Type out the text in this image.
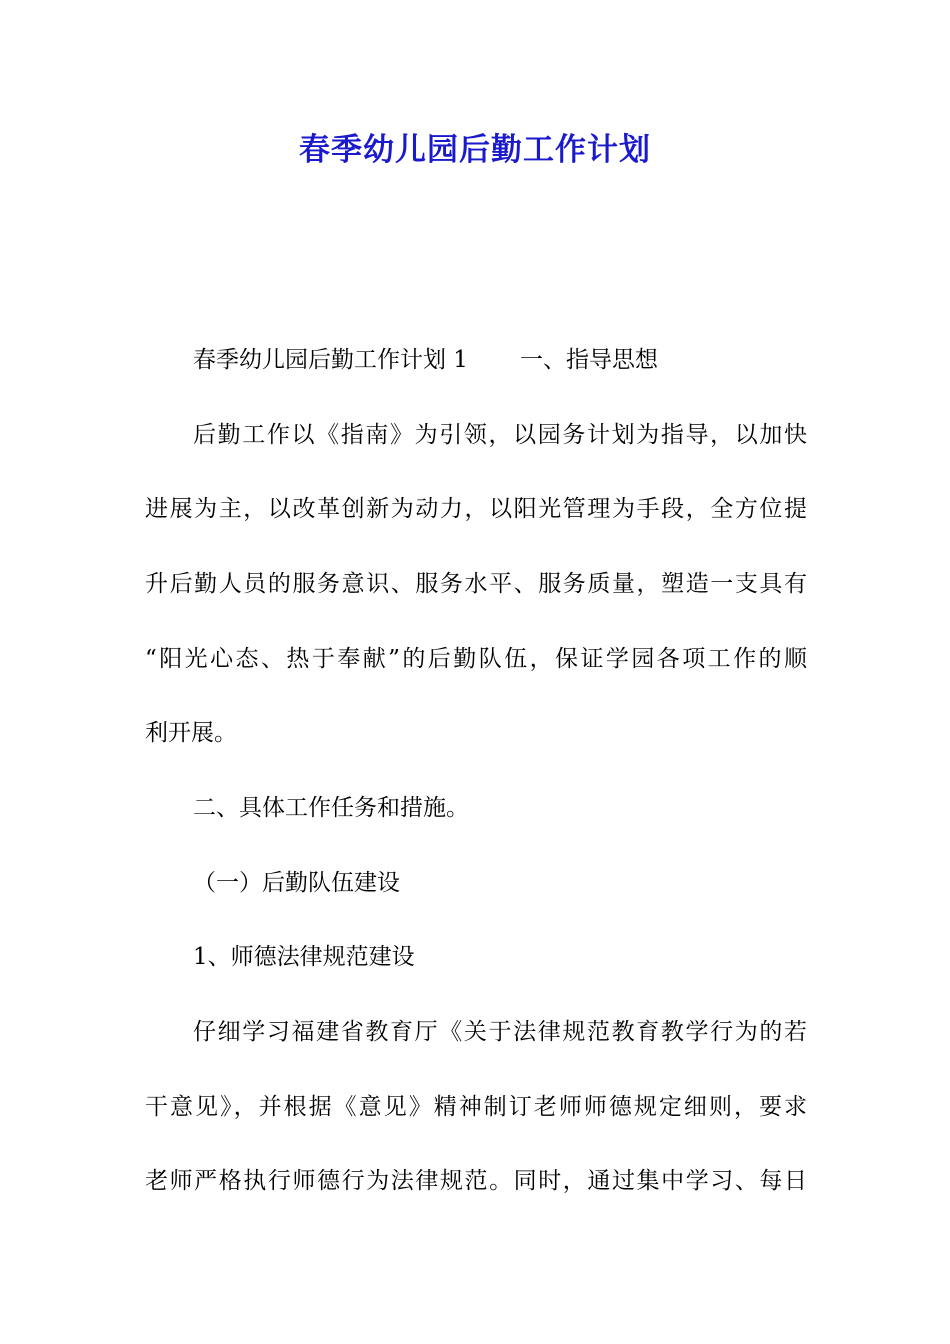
春季幼儿园后勤工作计划
春季幼儿园后勤工作计划 1 一、指导思想
后勤工作以《指南》为引领，以园务计划为指导，以加快
进展为主，以改革创新为动力，以阳光管理为手段，全方位提
升后勤人员的服务意识、服务水平、服务质量，塑造一支具有
“阳光心态、热于奉献”的后勤队伍，保证学园各项工作的顺
利开展。
二、具体工作任务和措施。
（一）后勤队伍建设
1、师德法律规范建设
仔细学习福建省教育厅《关于法律规范教育教学行为的若
干意见》，并根据《意见》精神制订老师师德规定细则，要求
老师严格执行师德行为法律规范。同时，通过集中学习、每日
